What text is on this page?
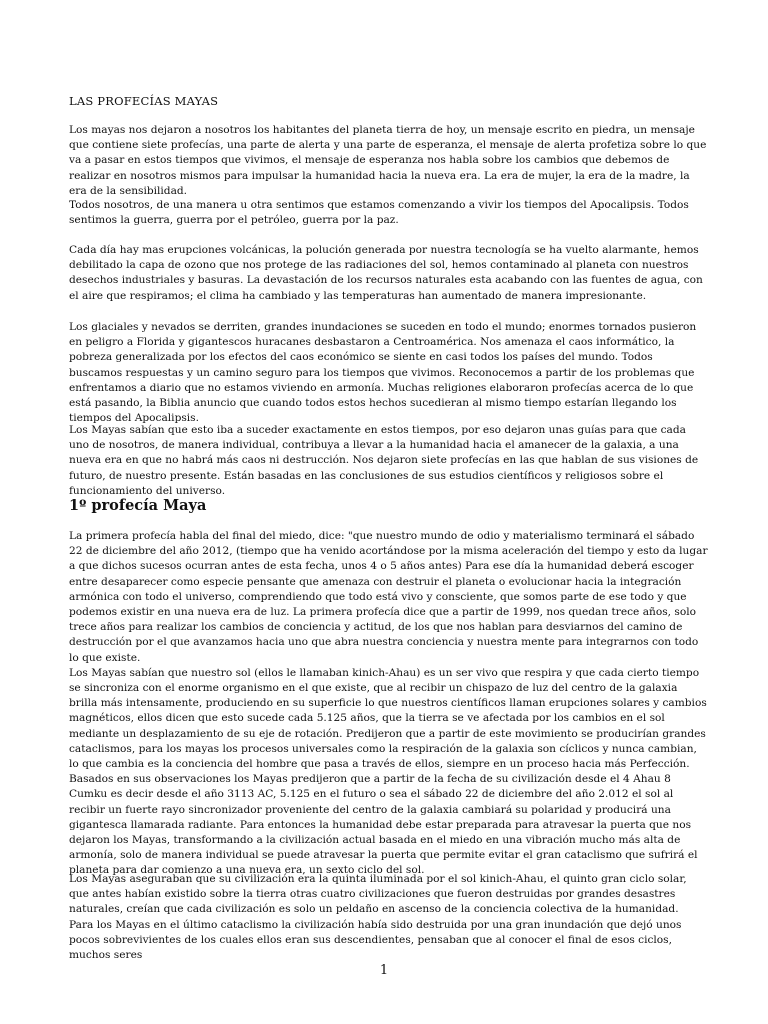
LAS PROFECÍAS MAYAS
Los mayas nos dejaron a nosotros los habitantes del planeta tierra de hoy, un mensaje escrito en piedra, un mensaje que contiene siete profecías, una parte de alerta y una parte de esperanza, el mensaje de alerta profetiza sobre lo que va a pasar en estos tiempos que vivimos, el mensaje de esperanza nos habla sobre los cambios que debemos de realizar en nosotros mismos para impulsar la humanidad hacia la nueva era. La era de mujer, la era de la madre, la era de la sensibilidad.
Todos nosotros, de una manera u otra sentimos que estamos comenzando a vivir los tiempos del Apocalipsis. Todos sentimos la guerra, guerra por el petróleo, guerra por la paz.
Cada día hay mas erupciones volcánicas, la polución generada por nuestra tecnología se ha vuelto alarmante, hemos debilitado la capa de ozono que nos protege de las radiaciones del sol, hemos contaminado al planeta con nuestros desechos industriales y basuras. La devastación de los recursos naturales esta acabando con las fuentes de agua, con el aire que respiramos; el clima ha cambiado y las temperaturas han aumentado de manera impresionante.
Los glaciales y nevados se derriten, grandes inundaciones se suceden en todo el mundo; enormes tornados pusieron en peligro a Florida y gigantescos huracanes desbastaron a Centroamérica. Nos amenaza el caos informático, la pobreza generalizada por los efectos del caos económico se siente en casi todos los países del mundo. Todos buscamos respuestas y un camino seguro para los tiempos que vivimos. Reconocemos a partir de los problemas que enfrentamos a diario que no estamos viviendo en armonía. Muchas religiones elaboraron profecías acerca de lo que está pasando, la Biblia anuncio que cuando todos estos hechos sucedieran al mismo tiempo estarían llegando los tiempos del Apocalipsis.
Los Mayas sabían que esto iba a suceder exactamente en estos tiempos, por eso dejaron unas guías para que cada uno de nosotros, de manera individual, contribuya a llevar a la humanidad hacia el amanecer de la galaxia, a una nueva era en que no habrá más caos ni destrucción. Nos dejaron siete profecías en las que hablan de sus visiones de futuro, de nuestro presente. Están basadas en las conclusiones de sus estudios científicos y religiosos sobre el funcionamiento del universo.
1º profecía Maya
La primera profecía habla del final del miedo, dice: "que nuestro mundo de odio y materialismo terminará el sábado 22 de diciembre del año 2012, (tiempo que ha venido acortándose por la misma aceleración del tiempo y esto da lugar a que dichos sucesos ocurran antes de esta fecha, unos 4 o 5 años antes) Para ese día la humanidad deberá escoger entre desaparecer como especie pensante que amenaza con destruir el planeta o evolucionar hacia la integración armónica con todo el universo, comprendiendo que todo está vivo y consciente, que somos parte de ese todo y que podemos existir en una nueva era de luz. La primera profecía dice que a partir de 1999, nos quedan trece años, solo trece años para realizar los cambios de conciencia y actitud, de los que nos hablan para desviarnos del camino de destrucción por el que avanzamos hacia uno que abra nuestra conciencia y nuestra mente para integrarnos con todo lo que existe.
Los Mayas sabían que nuestro sol (ellos le llamaban kinich-Ahau) es un ser vivo que respira y que cada cierto tiempo se sincroniza con el enorme organismo en el que existe, que al recibir un chispazo de luz del centro de la galaxia brilla más intensamente, produciendo en su superficie lo que nuestros científicos llaman erupciones solares y cambios magnéticos, ellos dicen que esto sucede cada 5.125 años, que la tierra se ve afectada por los cambios en el sol mediante un desplazamiento de su eje de rotación. Predijeron que a partir de este movimiento se producirían grandes cataclismos, para los mayas los procesos universales como la respiración de la galaxia son cíclicos y nunca cambian, lo que cambia es la conciencia del hombre que pasa a través de ellos, siempre en un proceso hacia más Perfección.
Basados en sus observaciones los Mayas predijeron que a partir de la fecha de su civilización desde el 4 Ahau 8 Cumku es decir desde el año 3113 AC, 5.125 en el futuro o sea el sábado 22 de diciembre del año 2.012 el sol al recibir un fuerte rayo sincronizador proveniente del centro de la galaxia cambiará su polaridad y producirá una gigantesca llamarada radiante. Para entonces la humanidad debe estar preparada para atravesar la puerta que nos dejaron los Mayas, transformando a la civilización actual basada en el miedo en una vibración mucho más alta de armonía, solo de manera individual se puede atravesar la puerta que permite evitar el gran cataclismo que sufrirá el planeta para dar comienzo a una nueva era, un sexto ciclo del sol.
Los Mayas aseguraban que su civilización era la quinta iluminada por el sol kinich-Ahau, el quinto gran ciclo solar, que antes habían existido sobre la tierra otras cuatro civilizaciones que fueron destruidas por grandes desastres naturales, creían que cada civilización es solo un peldaño en ascenso de la conciencia colectiva de la humanidad.
Para los Mayas en el último cataclismo la civilización había sido destruida por una gran inundación que dejó unos pocos sobrevivientes de los cuales ellos eran sus descendientes, pensaban que al conocer el final de esos ciclos, muchos seres
1
